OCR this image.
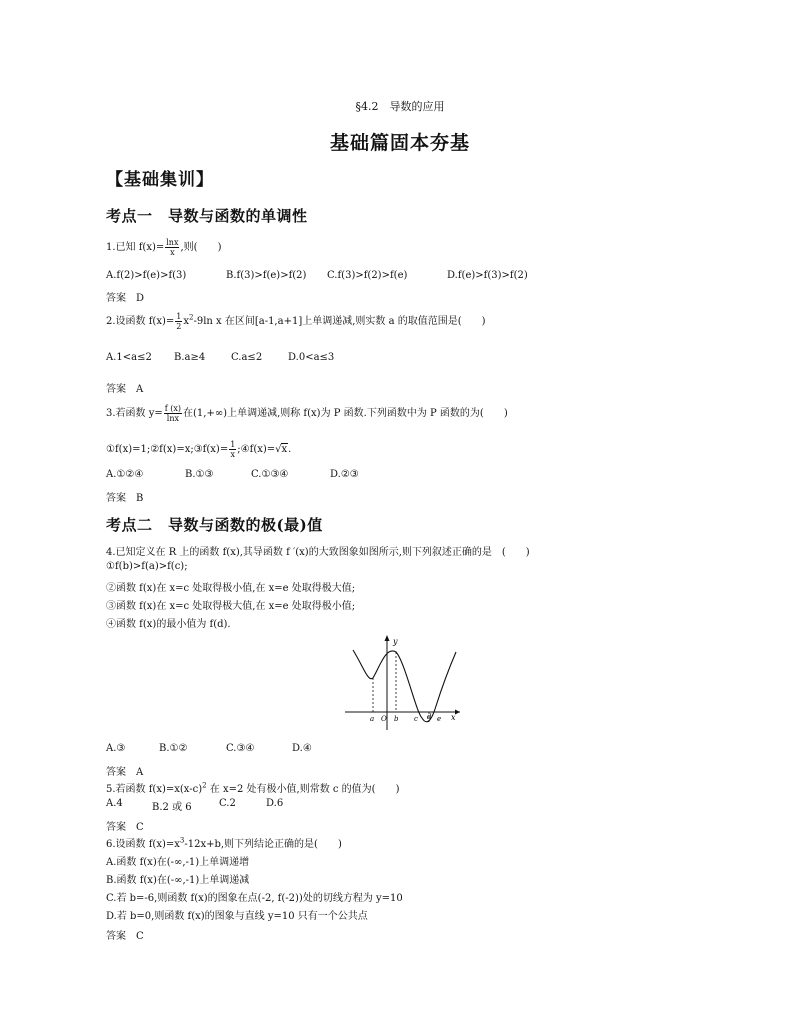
§4.2　导数的应用
基础篇固本夯基
【基础集训】
考点一　导数与函数的单调性
1.已知 $f(x)= \frac{\ln x}{x}$ ,则(　　)
A.f(2)>f(e)>f(3)	B.f(3)>f(e)>f(2) C.f(3)>f(2)>f(e)	D.f(e)>f(3)>f(2)
答案　D
2.设函数 $f(x)= \frac{1}{2} x^2-9\ln$ x 在区间[a-1,a+1]上单调递减,则实数 a 的取值范围是(　　)
A.1<a≤2 B.a≥4	C.a≤2	D.0<a≤3
答案　A
3.若函数 $y= \frac{f (x)}{\ln x}$ 在(1,+∞)上单调递减,则称 f(x)为 P 函数.下列函数中为 P 函数的为(　　)
①f(x)=1;②f(x)=x;③f(x)= $\frac{1}{x}$ ;④f(x)=√x.
A.①②④	B.①③	C.①③④	D.②③
答案　B
考点二　导数与函数的极(最)值
4.已知定义在 R 上的函数 f(x),其导函数 f ′(x)的大致图象如图所示,则下列叙述正确的是　(　　)
①f(b)>f(a)>f(c);
②函数 f(x)在 x=c 处取得极小值,在 x=e 处取得极大值;
③函数 f(x)在 x=c 处取得极大值,在 x=e 处取得极小值;
④函数 f(x)的最小值为 f(d).
y
x
a O b c d e
A.③	B.①②	C.③④	D.④
答案　A
5.若函数 $f(x)=x(x-c)^2$ 在 x=2 处有极小值,则常数 c 的值为(　　)
A.4	B.2 或 6	C.2	D.6
答案　C
6.设函数 $f(x)=x^3-12x+b$,则下列结论正确的是(　　)
A.函数 f(x)在(-∞,-1)上单调递增
B.函数 f(x)在(-∞,-1)上单调递减
C.若 b=-6,则函数 f(x)的图象在点(-2, f(-2))处的切线方程为 y=10
D.若 b=0,则函数 f(x)的图象与直线 y=10 只有一个公共点
答案　C
